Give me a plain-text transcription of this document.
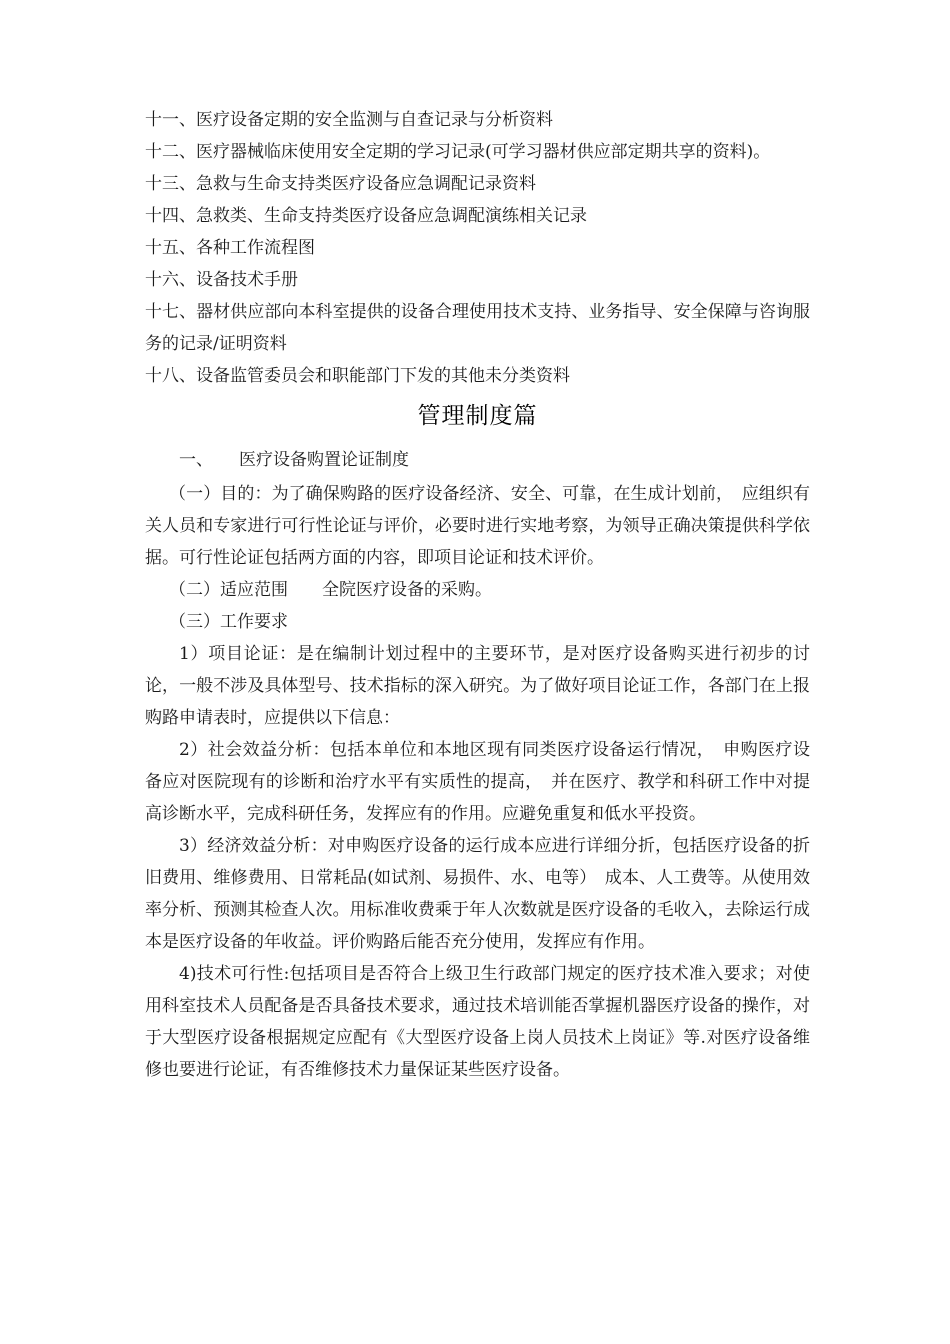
十一、医疗设备定期的安全监测与自查记录与分析资料

十二、医疗器械临床使用安全定期的学习记录(可学习器材供应部定期共享的资料)。

十三、急救与生命支持类医疗设备应急调配记录资料

十四、急救类、生命支持类医疗设备应急调配演练相关记录

十五、各种工作流程图

十六、设备技术手册

十七、器材供应部向本科室提供的设备合理使用技术支持、业务指导、安全保障与咨询服务的记录/证明资料

十八、设备监管委员会和职能部门下发的其他未分类资料

管理制度篇

一、 医疗设备购置论证制度

（一）目的：为了确保购路的医疗设备经济、安全、可靠，在生成计划前，　应组织有关人员和专家进行可行性论证与评价，必要时进行实地考察，为领导正确决策提供科学依据。可行性论证包括两方面的内容，即项目论证和技术评价。

（二）适应范围　　全院医疗设备的采购。

（三）工作要求

1）项目论证：是在编制计划过程中的主要环节，是对医疗设备购买进行初步的讨论，一般不涉及具体型号、技术指标的深入研究。为了做好项目论证工作，各部门在上报购路申请表时，应提供以下信息：

2）社会效益分析：包括本单位和本地区现有同类医疗设备运行情况，　申购医疗设备应对医院现有的诊断和治疗水平有实质性的提高，　并在医疗、教学和科研工作中对提高诊断水平，完成科研任务，发挥应有的作用。应避免重复和低水平投资。

3）经济效益分析：对申购医疗设备的运行成本应进行详细分折，包括医疗设备的折旧费用、维修费用、日常耗品(如试剂、易损件、水、电等）　成本、人工费等。从使用效率分析、预测其检查人次。用标准收费乘于年人次数就是医疗设备的毛收入，去除运行成本是医疗设备的年收益。评价购路后能否充分使用，发挥应有作用。

4)技术可行性:包括项目是否符合上级卫生行政部门规定的医疗技术准入要求；对使用科室技术人员配备是否具备技术要求，通过技术培训能否掌握机器医疗设备的操作，对于大型医疗设备根据规定应配有《大型医疗设备上岗人员技术上岗证》等.对医疗设备维修也要进行论证，有否维修技术力量保证某些医疗设备。
